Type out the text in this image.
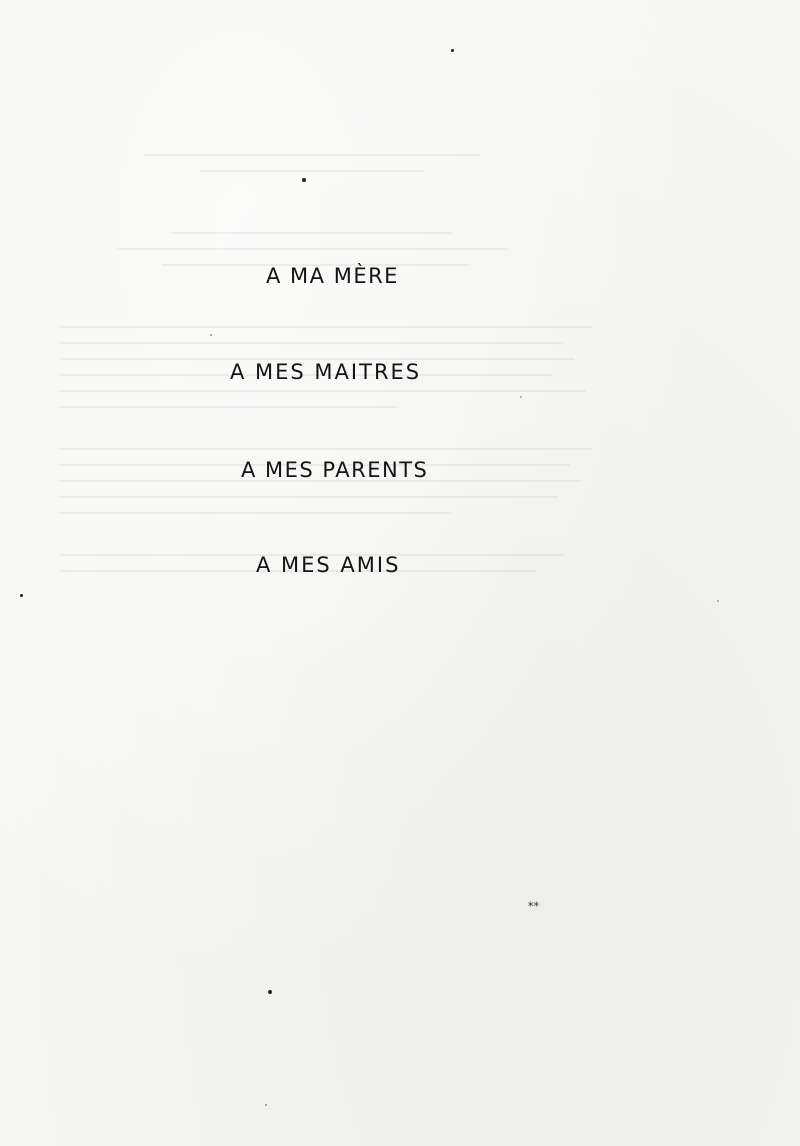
A MA MÈRE
A MES MAITRES
A MES PARENTS
A MES AMIS
**
